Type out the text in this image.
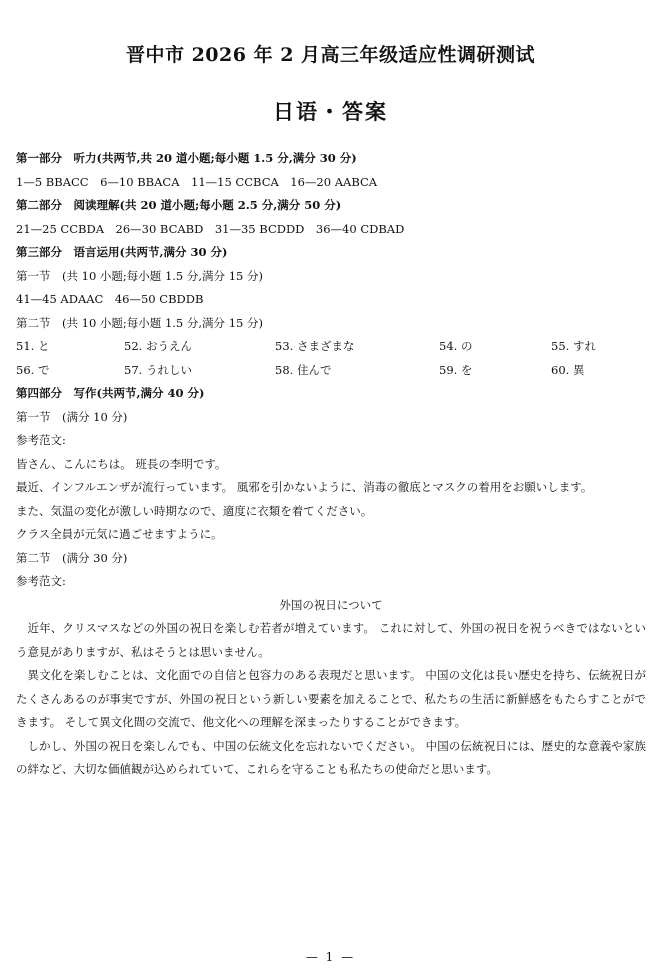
晋中市 2026 年 2 月高三年级适应性调研测试
日语・答案
第一部分　听力(共两节,共 20 道小题;每小题 1.5 分,满分 30 分)
1—5 BBACC　6—10 BBACA　11—15 CCBCA　16—20 AABCA
第二部分　阅读理解(共 20 道小题;每小题 2.5 分,满分 50 分)
21—25 CCBDA　26—30 BCABD　31—35 BCDDD　36—40 CDBAD
第三部分　语言运用(共两节,满分 30 分)
第一节　(共 10 小题;每小题 1.5 分,满分 15 分)
41—45 ADAAC　46—50 CBDDB
第二节　(共 10 小题;每小题 1.5 分,满分 15 分)
51. と	52. おうえん	53. さまざまな	54. の	55. すれ
56. で	57. うれしい	58. 住んで	59. を	60. 異
第四部分　写作(共两节,满分 40 分)
第一节　(满分 10 分)
参考范文:
皆さん、こんにちは。 班長の李明です。
最近、インフルエンザが流行っています。 風邪を引かないように、消毒の徹底とマスクの着用をお願いします。
また、気温の変化が激しい時期なので、適度に衣類を着てください。
クラス全員が元気に過ごせますように。
第二节　(满分 30 分)
参考范文:
外国の祝日について

近年、クリスマスなどの外国の祝日を楽しむ若者が増えています。 これに対して、外国の祝日を祝うべきではないという意見がありますが、私はそうとは思いません。

異文化を楽しむことは、文化面での自信と包容力のある表現だと思います。 中国の文化は長い歴史を持ち、伝統祝日がたくさんあるのが事実ですが、外国の祝日という新しい要素を加えることで、私たちの生活に新鮮感をもたらすことができます。 そして異文化間の交流で、他文化への理解を深まったりすることができます。

しかし、外国の祝日を楽しんでも、中国の伝統文化を忘れないでください。 中国の伝統祝日には、歴史的な意義や家族の絆など、大切な価値観が込められていて、これらを守ることも私たちの使命だと思います。

— 1 —
